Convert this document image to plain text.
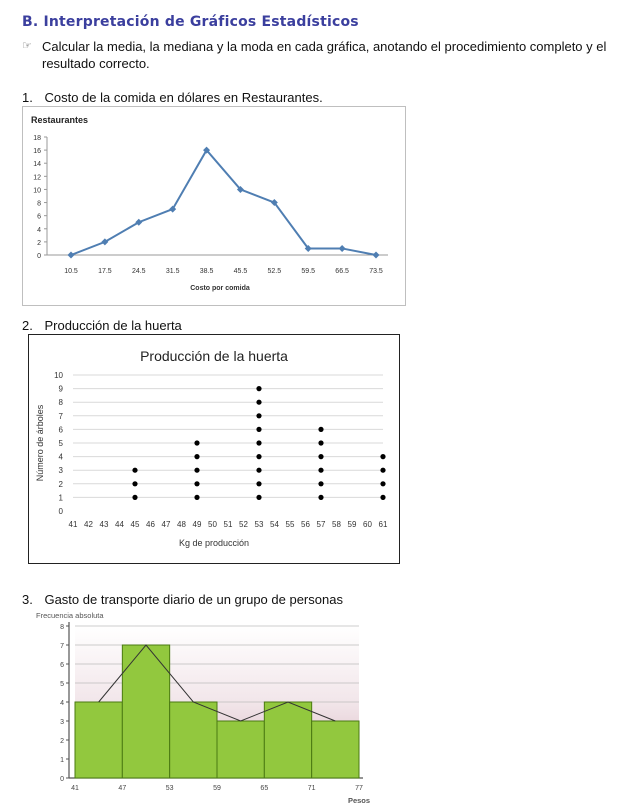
B. Interpretación de Gráficos Estadísticos
☞ Calcular la media, la mediana y la moda en cada gráfica, anotando el procedimiento completo y el resultado correcto.
1. Costo de la comida en dólares en Restaurantes.
Restaurantes
0
2
4
6
8
10
12
14
16
18
10.5	17.5	24.5	31.5	38.5	45.5	52.5	59.5	66.5	73.5
Costo por comida
2. Producción de la huerta
Producción de la huerta
0
1
2
3
4
5
6
7
8
9
10
41 42 43 44 45 46 47 48 49 50 51 52 53 54 55 56 57 58 59 60 61
Número de árboles
Kg de producción
3. Gasto de transporte diario de un grupo de personas
0
1
2
3
4
5
6
7
8
41	47	53	59	65	71	77
Frecuencia absoluta
Pesos
